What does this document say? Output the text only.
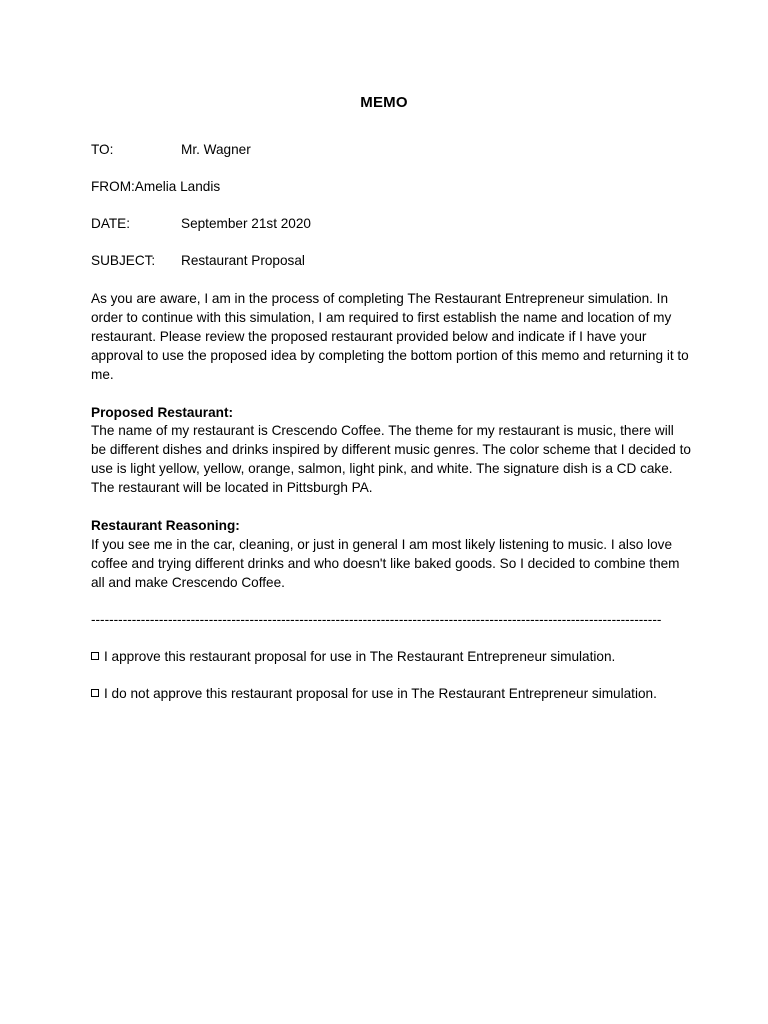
MEMO
TO:	Mr. Wagner
FROM:Amelia Landis
DATE:	September 21st 2020
SUBJECT: Restaurant Proposal
As you are aware, I am in the process of completing The Restaurant Entrepreneur simulation. In order to continue with this simulation, I am required to first establish the name and location of my restaurant. Please review the proposed restaurant provided below and indicate if I have your approval to use the proposed idea by completing the bottom portion of this memo and returning it to me.
Proposed Restaurant:
The name of my restaurant is Crescendo Coffee. The theme for my restaurant is music, there will be different dishes and drinks inspired by different music genres. The color scheme that I decided to use is light yellow, yellow, orange, salmon, light pink, and white. The signature dish is a CD cake. The restaurant will be located in Pittsburgh PA.
Restaurant Reasoning:
If you see me in the car, cleaning, or just in general I am most likely listening to music. I also love coffee and trying different drinks and who doesn't like baked goods. So I decided to combine them all and make Crescendo Coffee.
------------------------------------------------------------------------------------------------------------------------------
I approve this restaurant proposal for use in The Restaurant Entrepreneur simulation.
I do not approve this restaurant proposal for use in The Restaurant Entrepreneur simulation.
